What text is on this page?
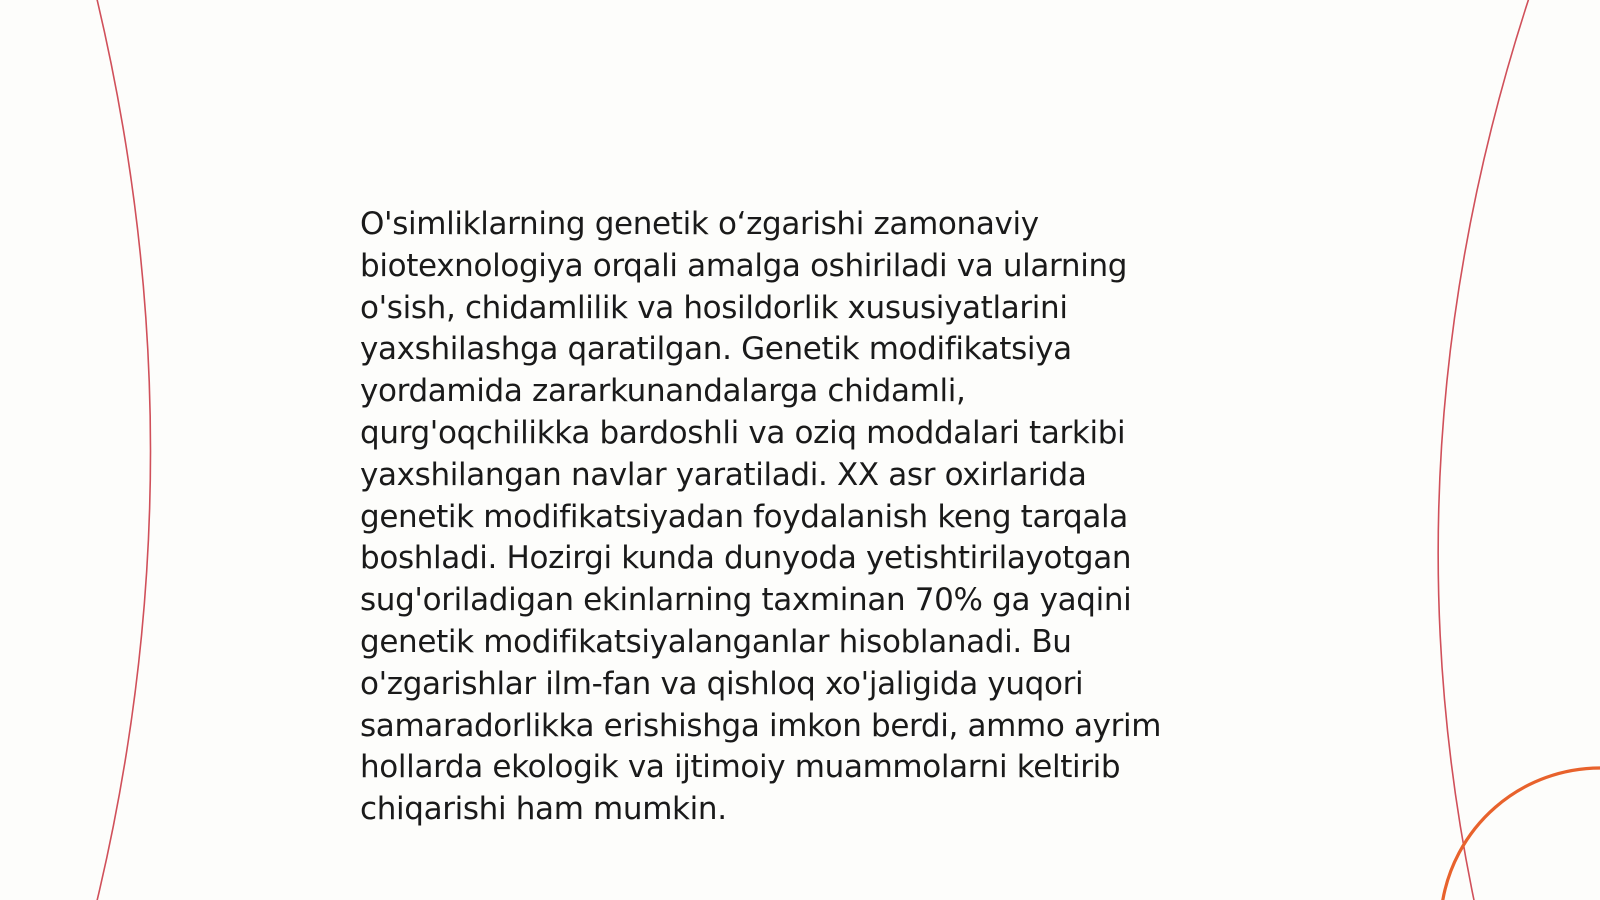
O'simliklarning genetik oʻzgarishi zamonaviy
biotexnologiya orqali amalga oshiriladi va ularning
o'sish, chidamlilik va hosildorlik xususiyatlarini
yaxshilashga qaratilgan. Genetik modifikatsiya
yordamida zararkunandalarga chidamli,
qurg'oqchilikka bardoshli va oziq moddalari tarkibi
yaxshilangan navlar yaratiladi. XX asr oxirlarida
genetik modifikatsiyadan foydalanish keng tarqala
boshladi. Hozirgi kunda dunyoda yetishtirilayotgan
sug'oriladigan ekinlarning taxminan 70% ga yaqini
genetik modifikatsiyalanganlar hisoblanadi. Bu
o'zgarishlar ilm-fan va qishloq xo'jaligida yuqori
samaradorlikka erishishga imkon berdi, ammo ayrim
hollarda ekologik va ijtimoiy muammolarni keltirib
chiqarishi ham mumkin.
